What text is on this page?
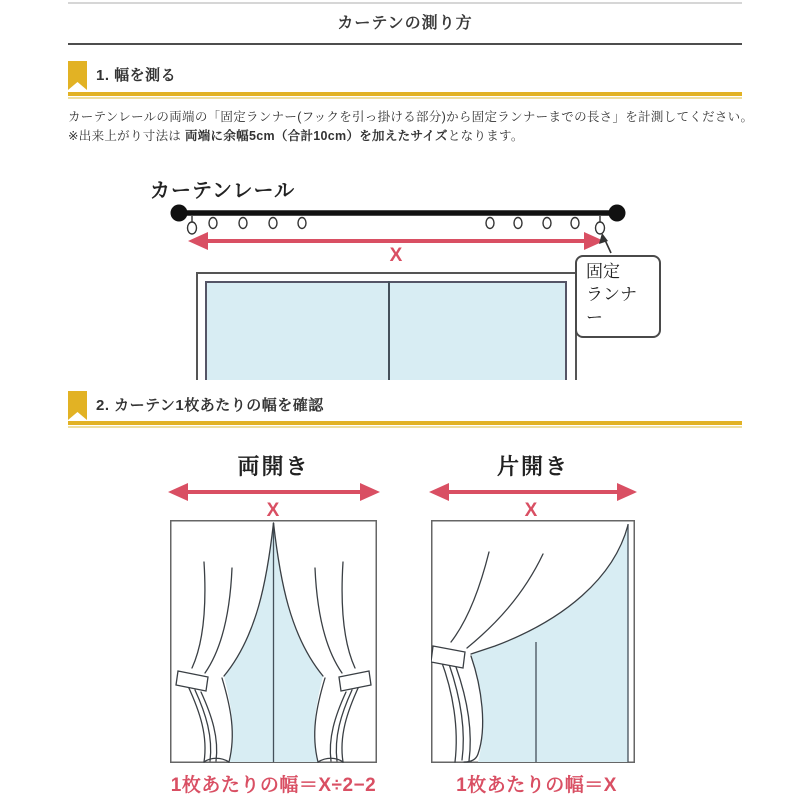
カーテンの測り方
1. 幅を測る
カーテンレールの両端の「固定ランナー(フックを引っ掛ける部分)から固定ランナーまでの長さ」を計測してください。
※出来上がり寸法は 両端に余幅5cm（合計10cm）を加えたサイズとなります。
カーテンレール
X
固定
ランナー
2. カーテン1枚あたりの幅を確認
両開き
X
1枚あたりの幅＝X÷2−2
片開き
X
1枚あたりの幅＝X
